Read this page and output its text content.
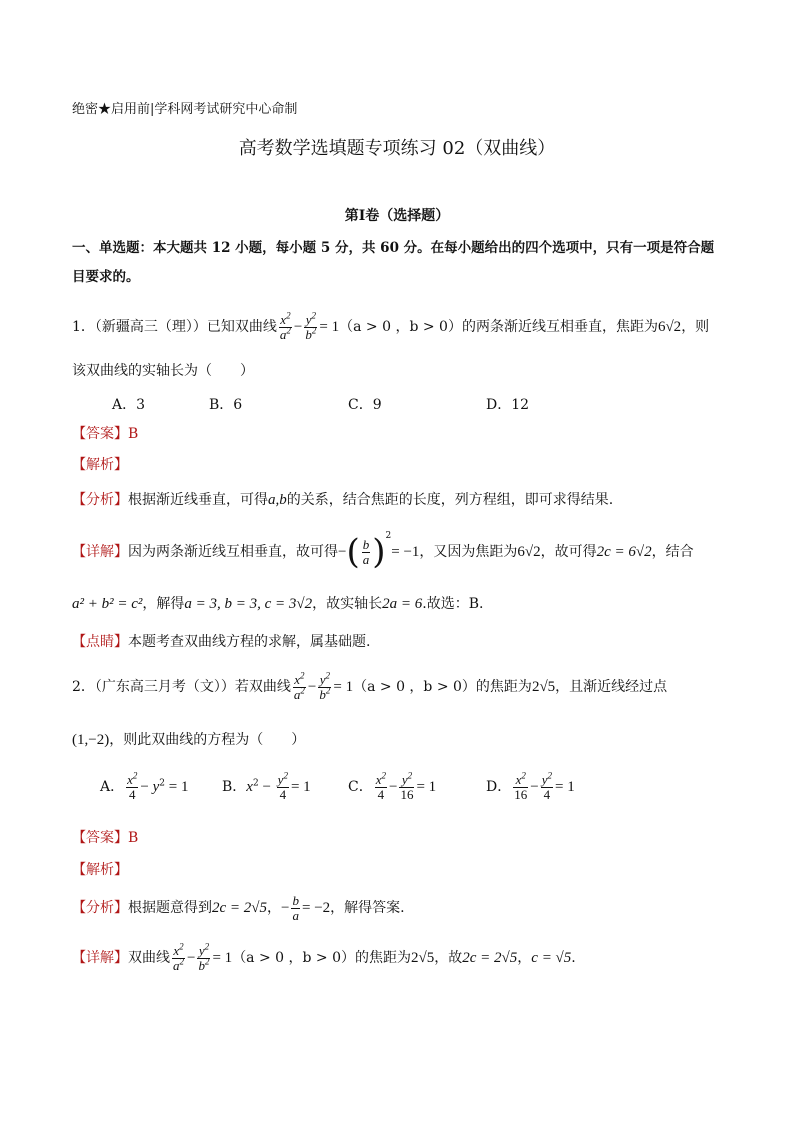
绝密★启用前|学科网考试研究中心命制
高考数学选填题专项练习 02（双曲线）
第I卷（选择题）
一、单选题：本大题共 12 小题，每小题 5 分，共 60 分。在每小题给出的四个选项中，只有一项是符合题
目要求的。
1．（新疆高三（理））已知双曲线 $\frac{x^2}{a^2} - \frac{y^2}{b^2} = 1(a > 0$ ，b > 0）的两条渐近线互相垂直，焦距为6√2，则
该双曲线的实轴长为（　　）
A．3	B．6	C．9	D．12
【答案】B
【解析】
【分析】根据渐近线垂直，可得a,b的关系，结合焦距的长度，列方程组，即可求得结果.
【详解】因为两条渐近线互相垂直，故可得−( $\frac{b}{a} )^2= -1$，又因为焦距为6√2，故可得2c = 6√2，结合
a² + b² = c²，解得a = 3, b = 3, c = 3√2，故实轴长2a = 6.故选：B.
【点睛】本题考查双曲线方程的求解，属基础题.
2．（广东高三月考（文））若双曲线 $\frac{x^2}{a^2} - \frac{y^2}{b^2} = 1(a > 0$ ，b > 0）的焦距为2√5，且渐近线经过点
(1,−2)，则此双曲线的方程为（　　）
A． $\frac{x^2}{4} - y^2 = 1$ B．$x^2 - \frac{y^2}{4} = 1$	C． $\frac{x^2}{4} - \frac{y^2}{16} = 1$	D． $\frac{x^2}{16} - \frac{y^2}{4} = 1$
【答案】B
【解析】
【分析】根据题意得到2c = 2√5，− $\frac{b}{a} = -2$，解得答案.
【详解】双曲线 $\frac{x^2}{a^2} - \frac{y^2}{b^2} = 1(a > 0$ ，b > 0）的焦距为2√5，故2c = 2√5，c = √5.
